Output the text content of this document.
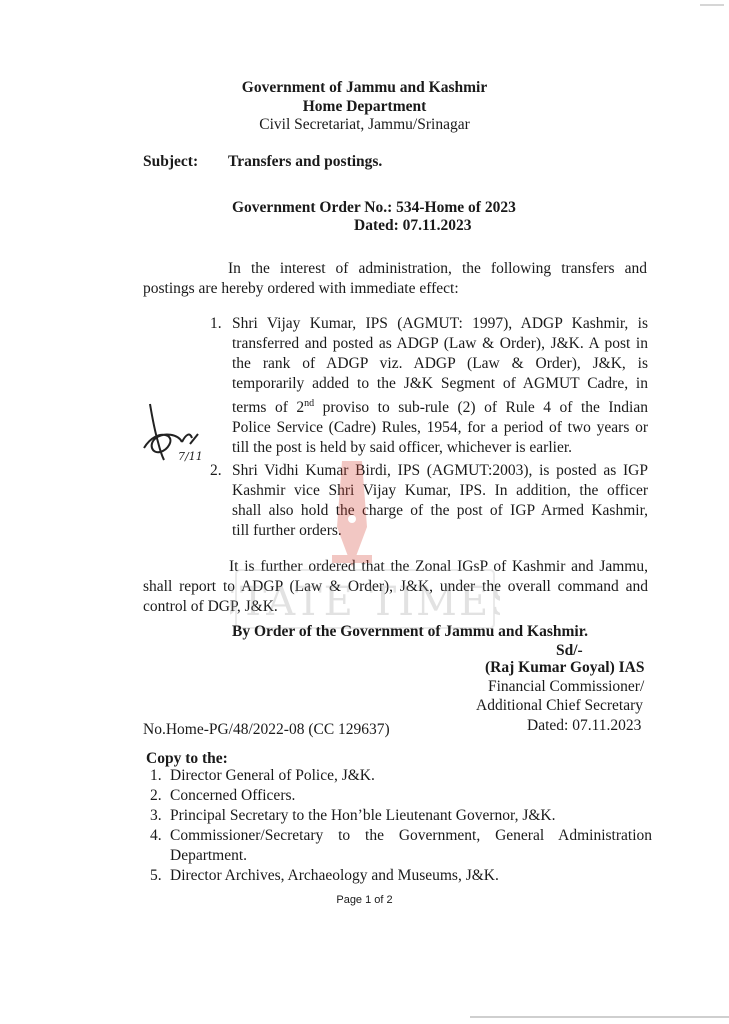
Government of Jammu and Kashmir
Home Department
Civil Secretariat, Jammu/Srinagar
Subject: Transfers and postings.
Government Order No.: 534-Home of 2023
Dated: 07.11.2023
In the interest of administration, the following transfers and
postings are hereby ordered with immediate effect:
1. Shri Vijay Kumar, IPS (AGMUT: 1997), ADGP Kashmir, is
transferred and posted as ADGP (Law & Order), J&K. A post in
the rank of ADGP viz. ADGP (Law & Order), J&K, is
temporarily added to the J&K Segment of AGMUT Cadre, in
terms of 2nd proviso to sub-rule (2) of Rule 4 of the Indian
Police Service (Cadre) Rules, 1954, for a period of two years or
till the post is held by said officer, whichever is earlier.
7/11
2. Shri Vidhi Kumar Birdi, IPS (AGMUT:2003), is posted as IGP
Kashmir vice Shri Vijay Kumar, IPS. In addition, the officer
shall also hold the charge of the post of IGP Armed Kashmir,
till further orders.
It is further ordered that the Zonal IGsP of Kashmir and Jammu,
shall report to ADGP (Law & Order), J&K, under the overall command and
control of DGP, J&K.
TATE TIME
By Order of the Government of Jammu and Kashmir.
Sd/-
(Raj Kumar Goyal) IAS
Financial Commissioner/
Additional Chief Secretary
No.Home-PG/48/2022-08 (CC 129637)	Dated: 07.11.2023
Copy to the:
1. Director General of Police, J&K.
2. Concerned Officers.
3. Principal Secretary to the Hon’ble Lieutenant Governor, J&K.
4. Commissioner/Secretary to the Government, General Administration
Department.
5. Director Archives, Archaeology and Museums, J&K.
Page 1 of 2
